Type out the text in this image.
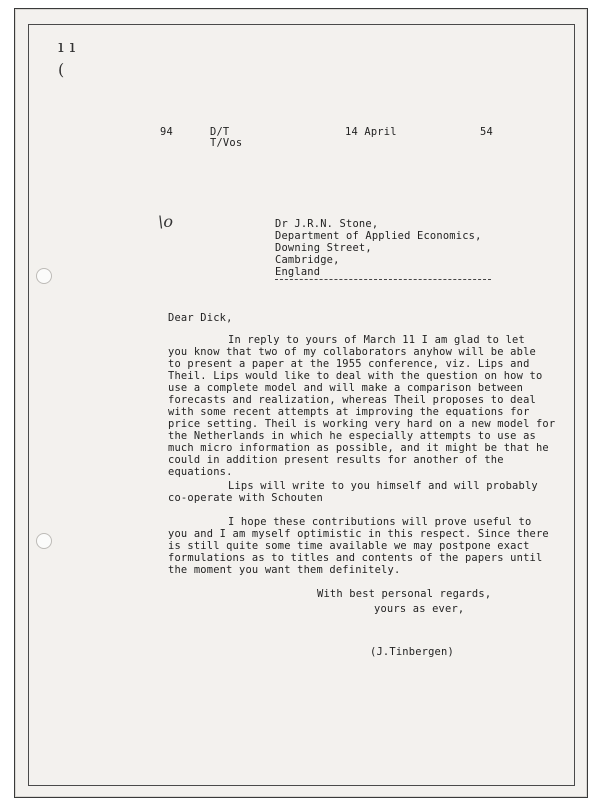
ı ı
(
94	D/T
T/Vos
14 April	54
\o	Dr J.R.N. Stone,
Department of Applied Economics,
Downing Street,
Cambridge,
England
Dear Dick,
In reply to yours of March 11 I am glad to let
you know that two of my collaborators anyhow will be able
to present a paper at the 1955 conference, viz. Lips and
Theil. Lips would like to deal with the question on how to
use a complete model and will make a comparison between
forecasts and realization, whereas Theil proposes to deal
with some recent attempts at improving the equations for
price setting. Theil is working very hard on a new model for
the Netherlands in which he especially attempts to use as
much micro information as possible, and it might be that he
could in addition present results for another of the
equations.
Lips will write to you himself and will probably
co-operate with Schouten
I hope these contributions will prove useful to
you and I am myself optimistic in this respect. Since there
is still quite some time available we may postpone exact
formulations as to titles and contents of the papers until
the moment you want them definitely.
With best personal regards,
yours as ever,
(J.Tinbergen)
